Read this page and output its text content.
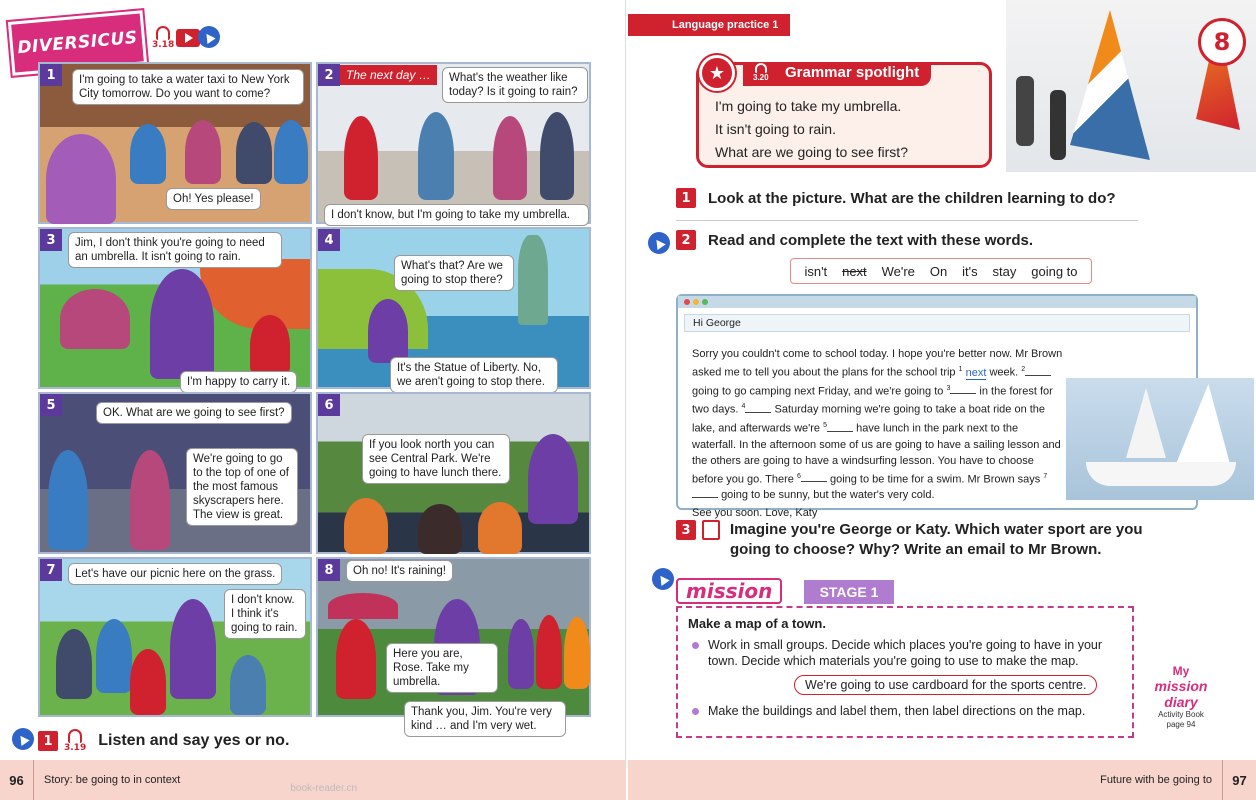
DIVERSICUS 3.18
1	I'm going to take a water taxi to New York City tomorrow. Do you want to come?
Oh! Yes please!
2	The next day …	What's the weather like today? Is it going to rain?
I don't know, but I'm going to take my umbrella.
3	Jim, I don't think you're going to need an umbrella. It isn't going to rain.
I'm happy to carry it.
4
What's that? Are we going to stop there?
It's the Statue of Liberty. No, we aren't going to stop there.
5
OK. What are we going to see first?
We're going to go to the top of one of the most famous skyscrapers here. The view is great.
6
If you look north you can see Central Park. We're going to have lunch there.
7	Let's have our picnic here on the grass.
I don't know. I think it's going to rain.
8	Oh no! It's raining!
Here you are, Rose. Take my umbrella.
Thank you, Jim. You're very kind … and I'm very wet.
1	3.19 Listen and say yes or no.
96	Story: be going to in context
book-reader.cn
Language practice 1
8
★	3.20 Grammar spotlight
I'm going to take my umbrella.
It isn't going to rain.
What are we going to see first?
1	Look at the picture. What are the children learning to do?
2	Read and complete the text with these words.
isn't next We're On it's stay going to
Hi George
Sorry you couldn't come to school today. I hope you're better now. Mr Brown asked me to tell you about the plans for the school trip $^1$ next week. $^2$ going to go camping next Friday, and we're going to $^3$	in the forest for two days. $^4$	Saturday morning we're going to take a boat ride on the lake, and afterwards we're $^5$	have lunch in the park next to the waterfall. In the afternoon some of us are going to have a sailing lesson and the others are going to have a windsurfing lesson. You have to choose before you go. There $^6$	going to be time for a swim. Mr Brown says $^7$ going to be sunny, but the water's very cold.
See you soon. Love, Katy
3	Imagine you're George or Katy. Which water sport are you going to choose? Why? Write an email to Mr Brown.
mission	STAGE 1
Make a map of a town.
Work in small groups. Decide which places you're going to have in your town. Decide which materials you're going to use to make the map.
We're going to use cardboard for the sports centre.
Make the buildings and label them, then label directions on the map.
My
mission diary
Activity Book
page 94
Future with be going to	97
